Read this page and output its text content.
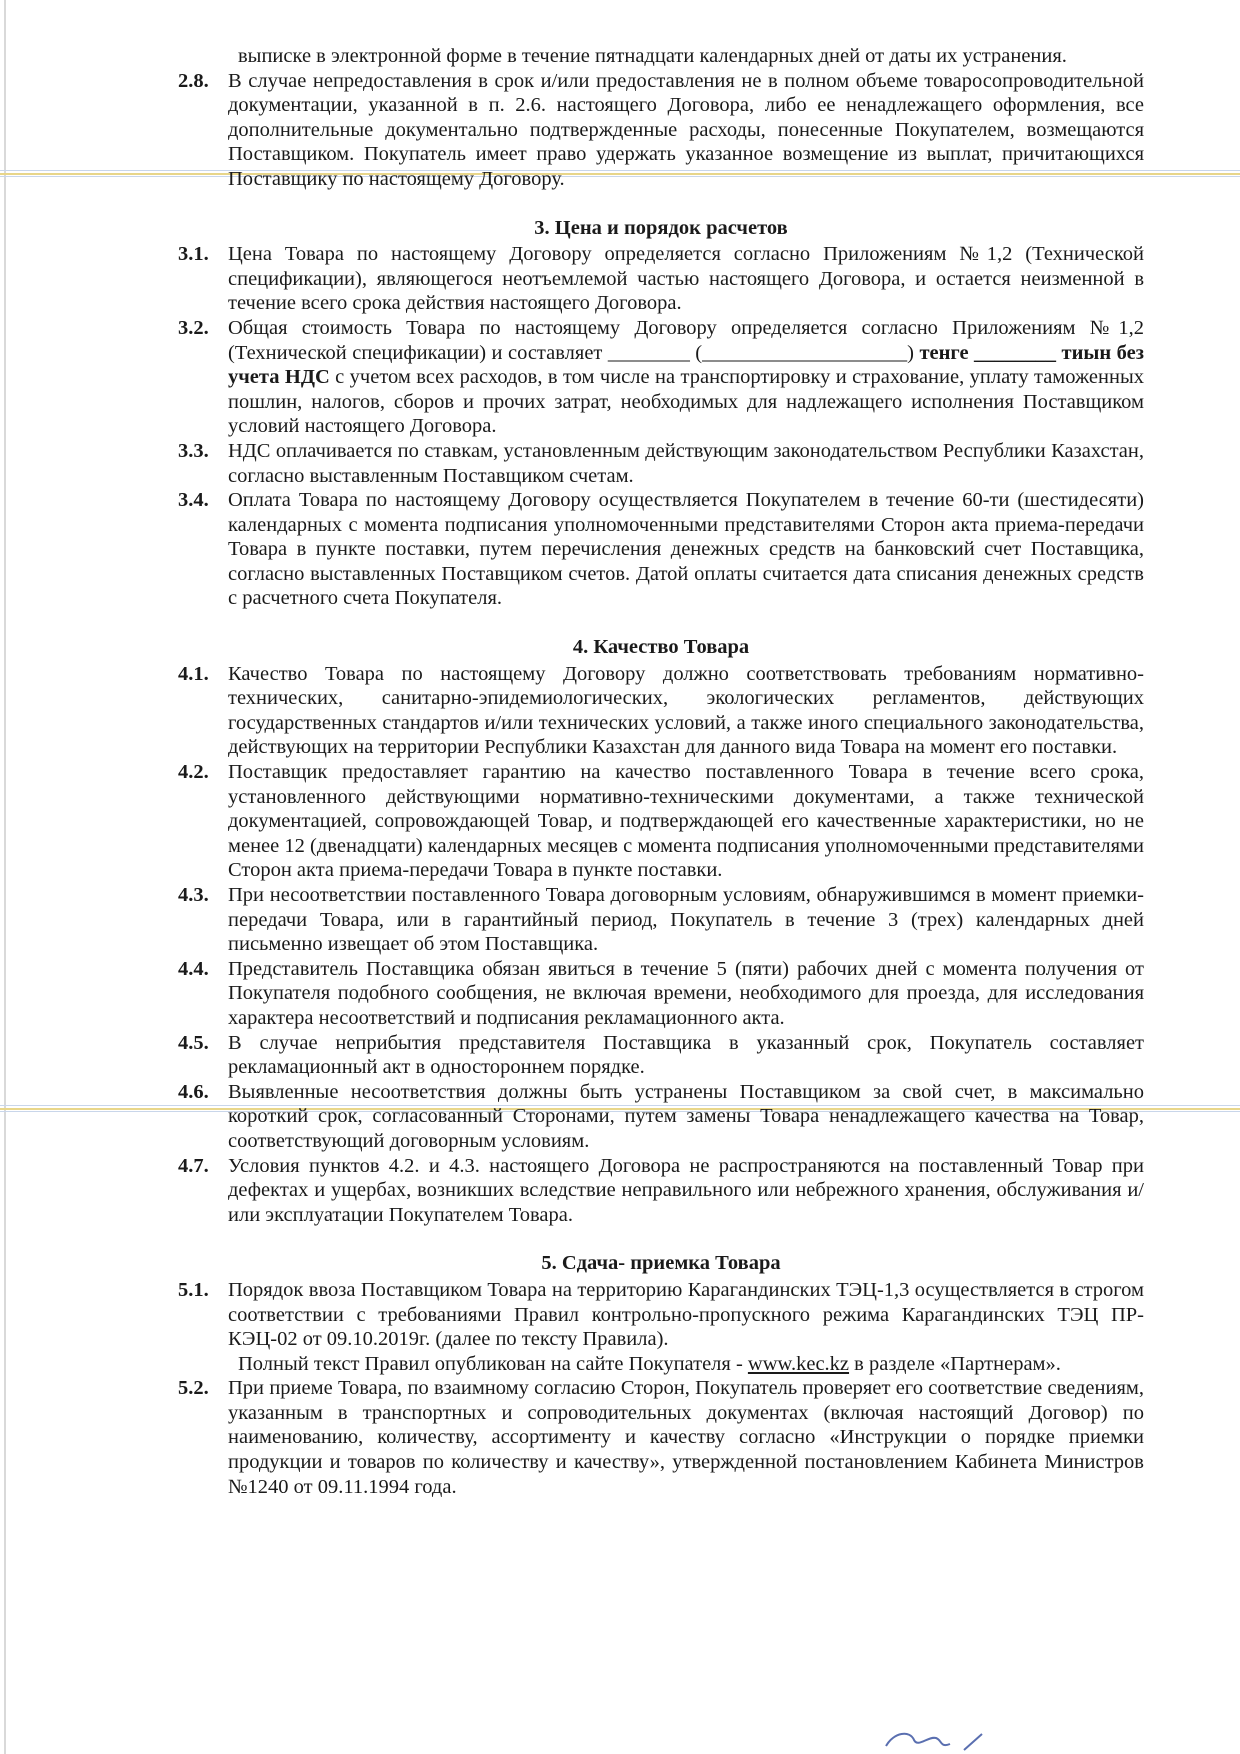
выписке в электронной форме в течение пятнадцати календарных дней от даты их устранения.

2.8. В случае непредоставления в срок и/или предоставления не в полном объеме товаросопроводительной документации, указанной в п. 2.6. настоящего Договора, либо ее ненадлежащего оформления, все дополнительные документально подтвержденные расходы, понесенные Покупателем, возмещаются Поставщиком. Покупатель имеет право удержать указанное возмещение из выплат, причитающихся Поставщику по настоящему Договору.

3. Цена и порядок расчетов

3.1. Цена Товара по настоящему Договору определяется согласно Приложениям №1,2 (Технической спецификации), являющегося неотъемлемой частью настоящего Договора, и остается неизменной в течение всего срока действия настоящего Договора.

3.2. Общая стоимость Товара по настоящему Договору определяется согласно Приложениям №1,2 (Технической спецификации) и составляет ________ (____________________) тенге ________ тиын без учета НДС с учетом всех расходов, в том числе на транспортировку и страхование, уплату таможенных пошлин, налогов, сборов и прочих затрат, необходимых для надлежащего исполнения Поставщиком условий настоящего Договора.

3.3. НДС оплачивается по ставкам, установленным действующим законодательством Республики Казахстан, согласно выставленным Поставщиком счетам.

3.4. Оплата Товара по настоящему Договору осуществляется Покупателем в течение 60-ти (шестидесяти) календарных с момента подписания уполномоченными представителями Сторон акта приема-передачи Товара в пункте поставки, путем перечисления денежных средств на банковский счет Поставщика, согласно выставленных Поставщиком счетов. Датой оплаты считается дата списания денежных средств с расчетного счета Покупателя.

4. Качество Товара

4.1. Качество Товара по настоящему Договору должно соответствовать требованиям нормативно-технических, санитарно-эпидемиологических, экологических регламентов, действующих государственных стандартов и/или технических условий, а также иного специального законодательства, действующих на территории Республики Казахстан для данного вида Товара на момент его поставки.

4.2. Поставщик предоставляет гарантию на качество поставленного Товара в течение всего срока, установленного действующими нормативно-техническими документами, а также технической документацией, сопровождающей Товар, и подтверждающей его качественные характеристики, но не менее 12 (двенадцати) календарных месяцев с момента подписания уполномоченными представителями Сторон акта приема-передачи Товара в пункте поставки.

4.3. При несоответствии поставленного Товара договорным условиям, обнаружившимся в момент приемки-передачи Товара, или в гарантийный период, Покупатель в течение 3 (трех) календарных дней письменно извещает об этом Поставщика.

4.4. Представитель Поставщика обязан явиться в течение 5 (пяти) рабочих дней с момента получения от Покупателя подобного сообщения, не включая времени, необходимого для проезда, для исследования характера несоответствий и подписания рекламационного акта.

4.5. В случае неприбытия представителя Поставщика в указанный срок, Покупатель составляет рекламационный акт в одностороннем порядке.

4.6. Выявленные несоответствия должны быть устранены Поставщиком за свой счет, в максимально короткий срок, согласованный Сторонами, путем замены Товара ненадлежащего качества на Товар, соответствующий договорным условиям.

4.7. Условия пунктов 4.2. и 4.3. настоящего Договора не распространяются на поставленный Товар при дефектах и ущербах, возникших вследствие неправильного или небрежного хранения, обслуживания и/или эксплуатации Покупателем Товара.

5. Сдача- приемка Товара

5.1. Порядок ввоза Поставщиком Товара на территорию Карагандинских ТЭЦ-1,3 осуществляется в строгом соответствии с требованиями Правил контрольно-пропускного режима Карагандинских ТЭЦ ПР-КЭЦ-02 от 09.10.2019г. (далее по тексту Правила).

Полный текст Правил опубликован на сайте Покупателя - www.kec.kz в разделе «Партнерам».

5.2. При приеме Товара, по взаимному согласию Сторон, Покупатель проверяет его соответствие сведениям, указанным в транспортных и сопроводительных документах (включая настоящий Договор) по наименованию, количеству, ассортименту и качеству согласно «Инструкции о порядке приемки продукции и товаров по количеству и качеству», утвержденной постановлением Кабинета Министров №1240 от 09.11.1994 года.
